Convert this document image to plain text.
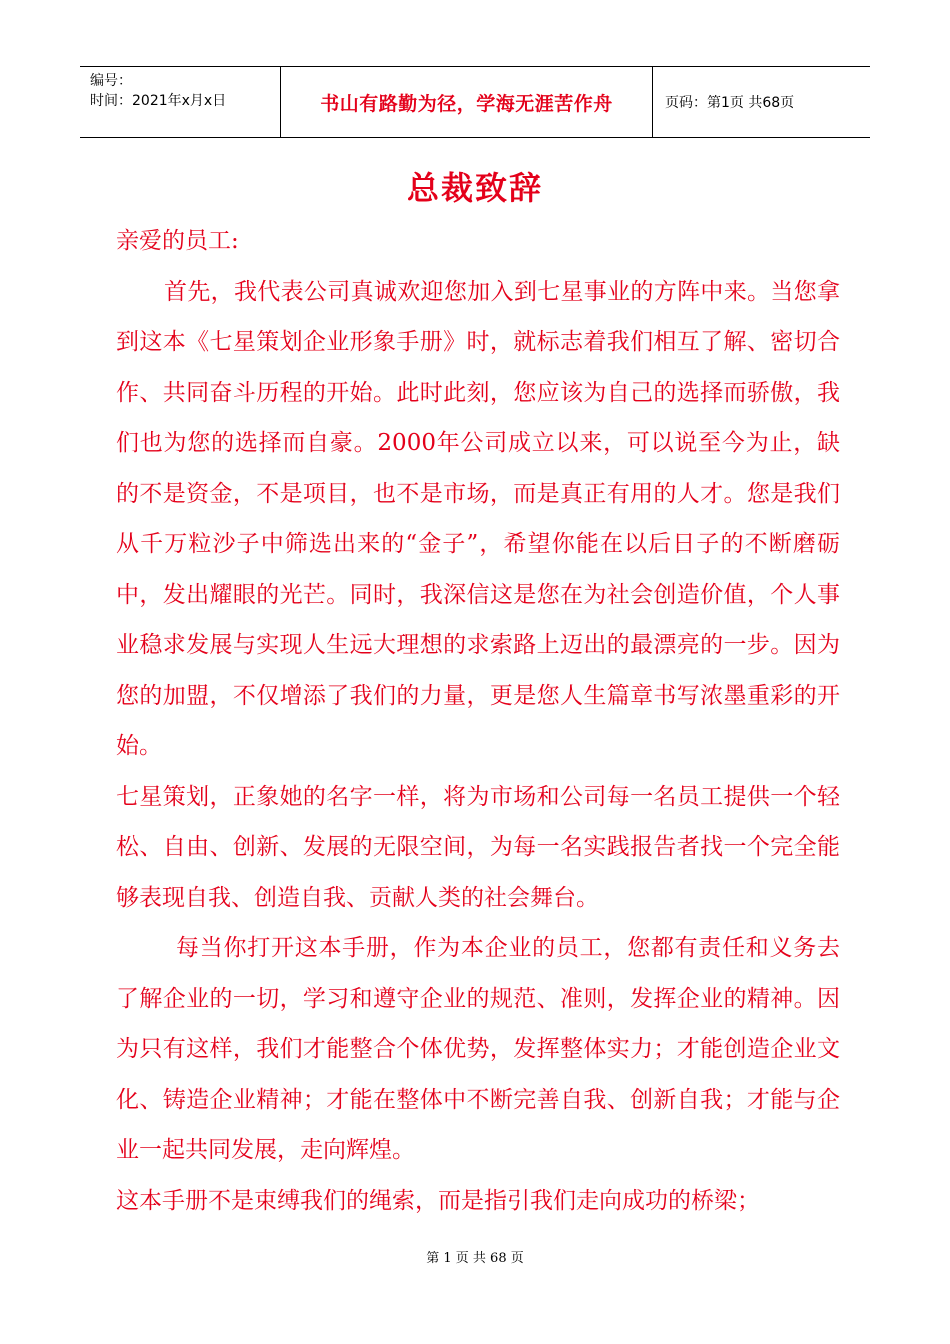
编号：
时间：2021年x月x日	书山有路勤为径，学海无涯苦作舟	页码：第1页 共68页
总裁致辞

亲爱的员工:

首先，我代表公司真诚欢迎您加入到七星事业的方阵中来。当您拿到这本《七星策划企业形象手册》时，就标志着我们相互了解、密切合作、共同奋斗历程的开始。此时此刻，您应该为自己的选择而骄傲，我们也为您的选择而自豪。2000年公司成立以来，可以说至今为止，缺的不是资金，不是项目，也不是市场，而是真正有用的人才。您是我们从千万粒沙子中筛选出来的“金子”，希望你能在以后日子的不断磨砺中，发出耀眼的光芒。同时，我深信这是您在为社会创造价值，个人事业稳求发展与实现人生远大理想的求索路上迈出的最漂亮的一步。因为您的加盟，不仅增添了我们的力量，更是您人生篇章书写浓墨重彩的开始。

七星策划，正象她的名字一样，将为市场和公司每一名员工提供一个轻松、自由、创新、发展的无限空间，为每一名实践报告者找一个完全能够表现自我、创造自我、贡献人类的社会舞台。

每当你打开这本手册，作为本企业的员工，您都有责任和义务去了解企业的一切，学习和遵守企业的规范、准则，发挥企业的精神。因为只有这样，我们才能整合个体优势，发挥整体实力；才能创造企业文化、铸造企业精神；才能在整体中不断完善自我、创新自我；才能与企业一起共同发展，走向辉煌。

这本手册不是束缚我们的绳索，而是指引我们走向成功的桥梁；

第 1 页 共 68 页
